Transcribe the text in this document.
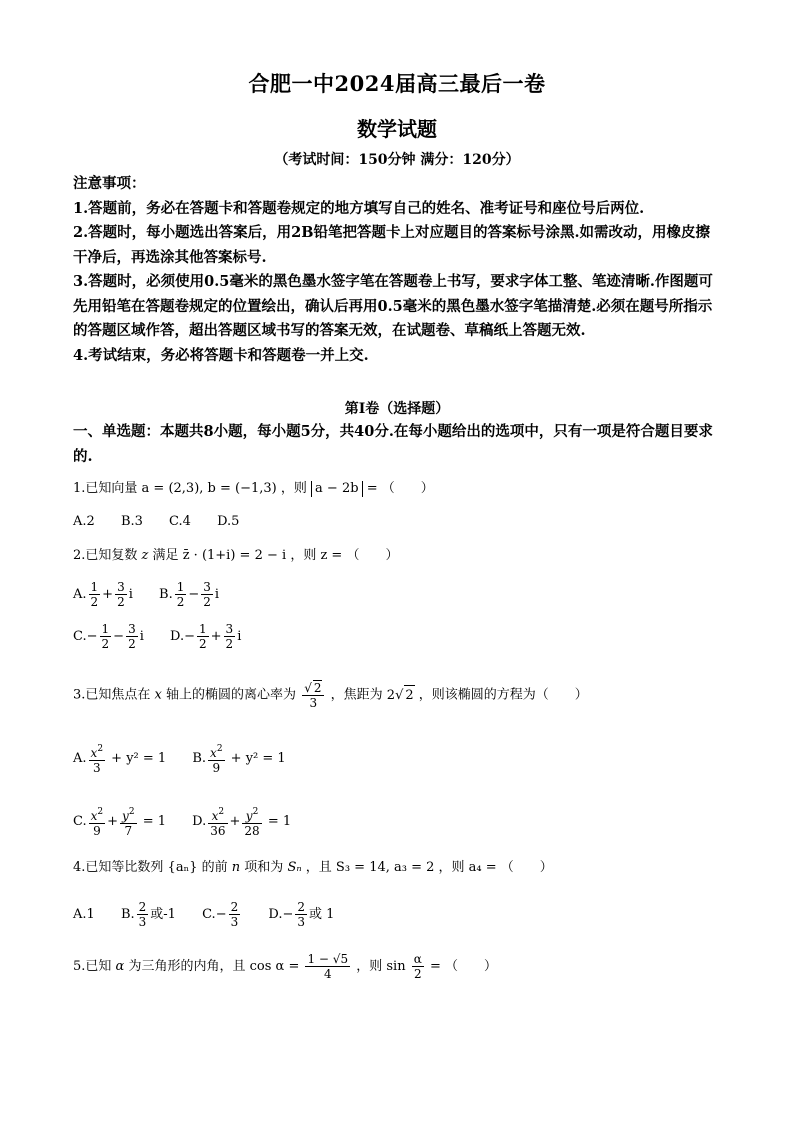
合肥一中2024届高三最后一卷
数学试题
（考试时间：150分钟 满分：120分）

注意事项：

1.答题前，务必在答题卡和答题卷规定的地方填写自己的姓名、准考证号和座位号后两位.

2.答题时，每小题选出答案后，用2B铅笔把答题卡上对应题目的答案标号涂黑.如需改动，用橡皮擦干净后，再选涂其他答案标号.

3.答题时，必须使用0.5毫米的黑色墨水签字笔在答题卷上书写，要求字体工整、笔迹清晰.作图题可先用铅笔在答题卷规定的位置绘出，确认后再用0.5毫米的黑色墨水签字笔描清楚.必须在题号所指示的答题区域作答，超出答题区域书写的答案无效，在试题卷、草稿纸上答题无效.

4.考试结束，务必将答题卡和答题卷一并上交.

第Ⅰ卷（选择题）
一、单选题：本题共8小题，每小题5分，共40分.在每小题给出的选项中，只有一项是符合题目要求的.
1.已知向量 a = (2,3), b = (−1,3) ，则 a − 2b = （　　）
A.2 B.3 C.4 D.5
2.已知复数 z 满足 z̄ · (1+i) = 2 − i ，则 z = （　　）
A. $\frac{1}{2} + \frac{3}{2}$ i B. $\frac{1}{2} - \frac{3}{2}$ i
$C.- \frac{1}{2} - \frac{3}{2}$ i $D.- \frac{1}{2} + \frac{3}{2}$ i
3.已知焦点在 x 轴上的椭圆的离心率为 $\frac{√ 2}{3}$ ，焦距为 2√ 2 ，则该椭圆的方程为（　　）
A. $\frac{x^2}{3} + y^2 = 1$ B. $\frac{x^2}{9} + y^2 = 1$
C. $\frac{x^2}{9} + \frac{y^2}{7} = 1$ D. $\frac{x^2}{36} + \frac{y^2}{28} = 1$
4.已知等比数列 {aₙ} 的前 n 项和为 Sₙ ，且 S₃ = 14, a₃ = 2 ，则 a₄ = （　　）
A.1 B. $\frac{2}{3}$ 或-1 $C.- \frac{2}{3} D.- \frac{2}{3}$ 或 1
5.已知 α 为三角形的内角，且 $\cos \alpha = \frac{1 - √5}{4}$ ，则 $\sin \frac{\alpha}{2}$ = （　　）
